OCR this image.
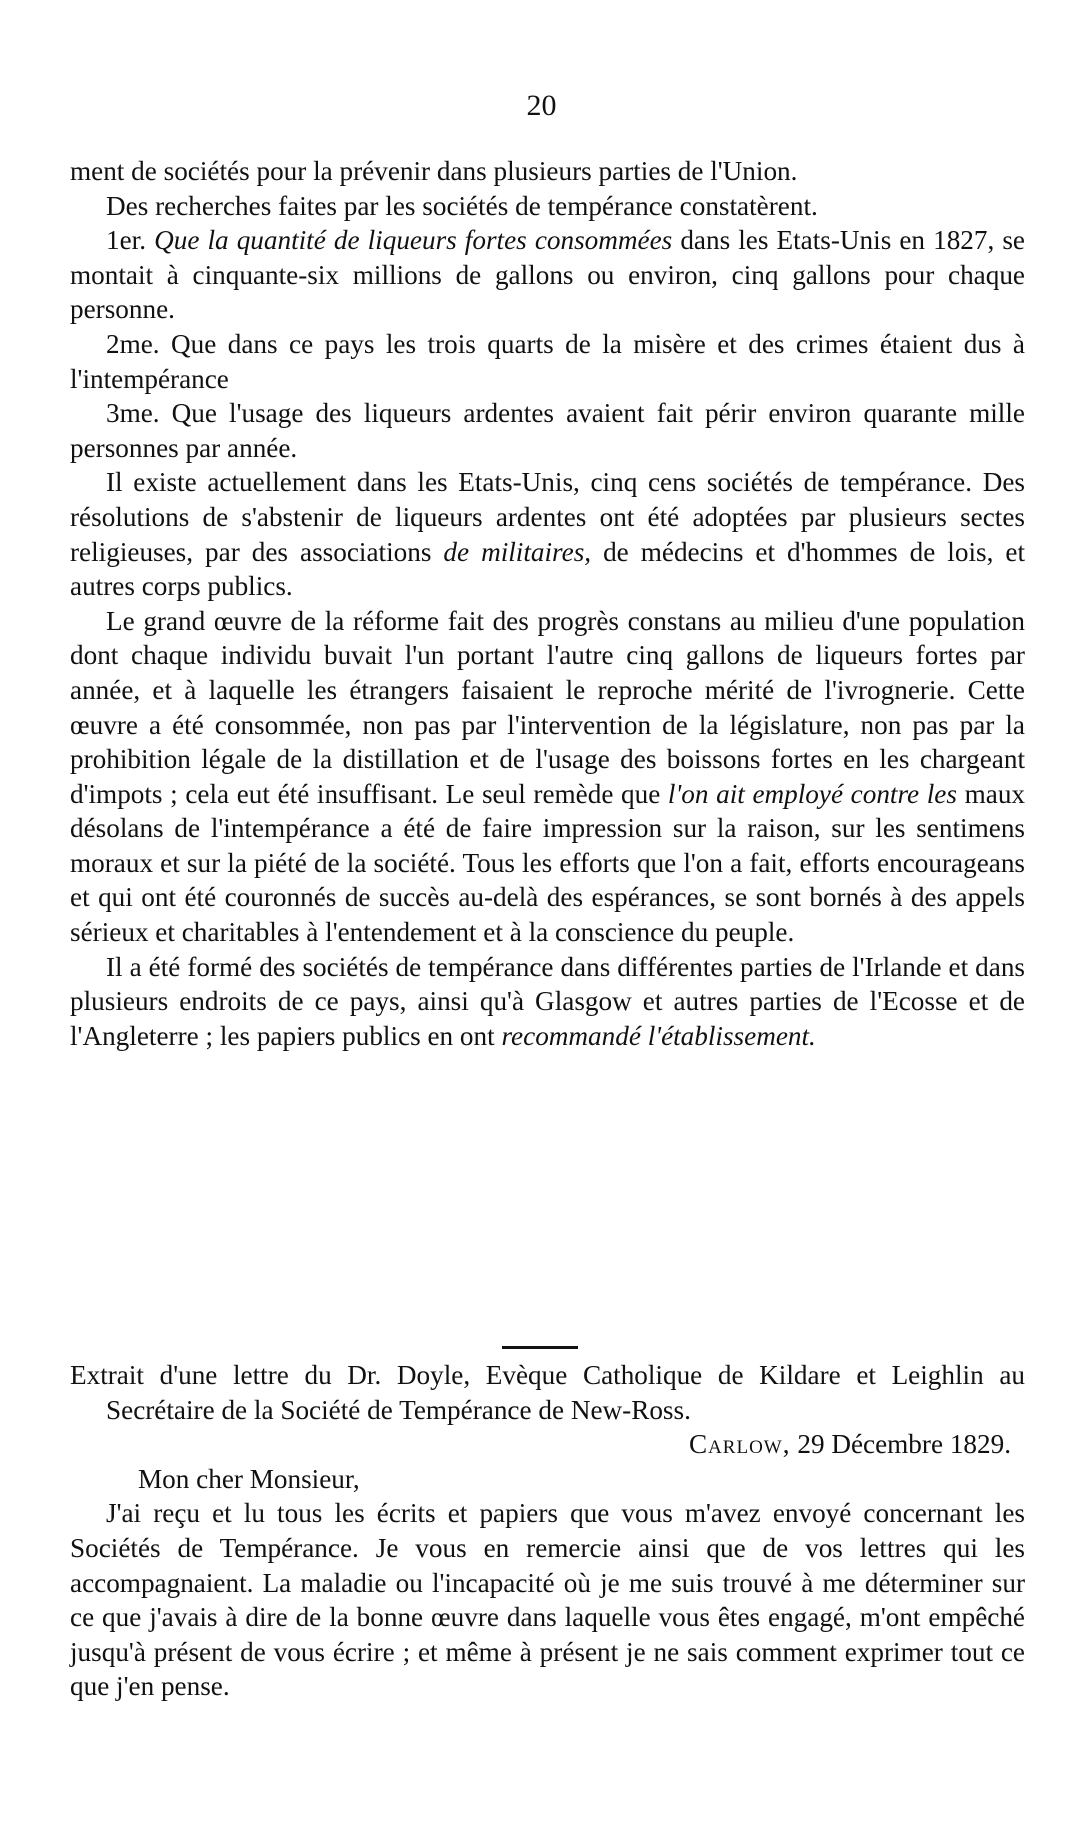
20

ment de sociétés pour la prévenir dans plusieurs parties de l'Union.

Des recherches faites par les sociétés de tempérance constatèrent.

1er. Que la quantité de liqueurs fortes consommées dans les Etats-Unis en 1827, se montait à cinquante-six millions de gallons ou environ, cinq gallons pour chaque personne.

2me. Que dans ce pays les trois quarts de la misère et des crimes étaient dus à l'intempérance

3me. Que l'usage des liqueurs ardentes avaient fait périr environ quarante mille personnes par année.

Il existe actuellement dans les Etats-Unis, cinq cens sociétés de tempérance. Des résolutions de s'abstenir de liqueurs ardentes ont été adoptées par plusieurs sectes religieuses, par des associations de militaires, de médecins et d'hommes de lois, et autres corps publics.

Le grand œuvre de la réforme fait des progrès constans au milieu d'une population dont chaque individu buvait l'un portant l'autre cinq gallons de liqueurs fortes par année, et à laquelle les étrangers faisaient le reproche mérité de l'ivrognerie. Cette œuvre a été consommée, non pas par l'intervention de la législature, non pas par la prohibition légale de la distillation et de l'usage des boissons fortes en les chargeant d'impots ; cela eut été insuffisant. Le seul remède que l'on ait employé contre les maux désolans de l'intempérance a été de faire impression sur la raison, sur les sentimens moraux et sur la piété de la société. Tous les efforts que l'on a fait, efforts encourageans et qui ont été couronnés de succès au-delà des espérances, se sont bornés à des appels sérieux et charitables à l'entendement et à la conscience du peuple.

Il a été formé des sociétés de tempérance dans différentes parties de l'Irlande et dans plusieurs endroits de ce pays, ainsi qu'à Glasgow et autres parties de l'Ecosse et de l'Angleterre ; les papiers publics en ont recommandé l'établissement.

Extrait d'une lettre du Dr. Doyle, Evèque Catholique de Kildare et Leighlin au Secrétaire de la Société de Tempérance de New-Ross.

Carlow, 29 Décembre 1829.

Mon cher Monsieur,

J'ai reçu et lu tous les écrits et papiers que vous m'avez envoyé concernant les Sociétés de Tempérance. Je vous en remercie ainsi que de vos lettres qui les accompagnaient. La maladie ou l'incapacité où je me suis trouvé à me déterminer sur ce que j'avais à dire de la bonne œuvre dans laquelle vous êtes engagé, m'ont empêché jusqu'à présent de vous écrire ; et même à présent je ne sais comment exprimer tout ce que j'en pense.
